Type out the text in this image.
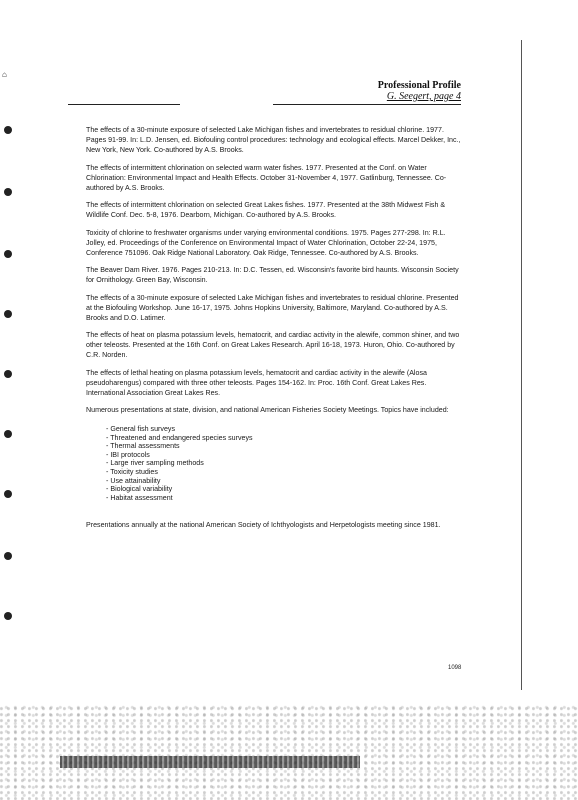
⌂
Professional Profile
G. Seegert, page 4

The effects of a 30-minute exposure of selected Lake Michigan fishes and invertebrates to residual chlorine. 1977. Pages 91-99. In: L.D. Jensen, ed. Biofouling control procedures: technology and ecological effects. Marcel Dekker, Inc., New York, New York. Co-authored by A.S. Brooks.

The effects of intermittent chlorination on selected warm water fishes. 1977. Presented at the Conf. on Water Chlorination: Environmental Impact and Health Effects. October 31-November 4, 1977. Gatlinburg, Tennessee. Co-authored by A.S. Brooks.

The effects of intermittent chlorination on selected Great Lakes fishes. 1977. Presented at the 38th Midwest Fish & Wildlife Conf. Dec. 5-8, 1976. Dearborn, Michigan. Co-authored by A.S. Brooks.

Toxicity of chlorine to freshwater organisms under varying environmental conditions. 1975. Pages 277-298. In: R.L. Jolley, ed. Proceedings of the Conference on Environmental Impact of Water Chlorination, October 22-24, 1975, Conference 751096. Oak Ridge National Laboratory. Oak Ridge, Tennessee. Co-authored by A.S. Brooks.

The Beaver Dam River. 1976. Pages 210-213. In: D.C. Tessen, ed. Wisconsin's favorite bird haunts. Wisconsin Society for Ornithology. Green Bay, Wisconsin.

The effects of a 30-minute exposure of selected Lake Michigan fishes and invertebrates to residual chlorine. Presented at the Biofouling Workshop. June 16-17, 1975. Johns Hopkins University, Baltimore, Maryland. Co-authored by A.S. Brooks and D.O. Latimer.

The effects of heat on plasma potassium levels, hematocrit, and cardiac activity in the alewife, common shiner, and two other teleosts. Presented at the 16th Conf. on Great Lakes Research. April 16-18, 1973. Huron, Ohio. Co-authored by C.R. Norden.

The effects of lethal heating on plasma potassium levels, hematocrit and cardiac activity in the alewife (Alosa pseudoharengus) compared with three other teleosts. Pages 154-162. In: Proc. 16th Conf. Great Lakes Res. International Association Great Lakes Res.

Numerous presentations at state, division, and national American Fisheries Society Meetings. Topics have included:

- General fish surveys
- Threatened and endangered species surveys
- Thermal assessments
- IBI protocols
- Large river sampling methods
- Toxicity studies
- Use attainability
- Biological variability
- Habitat assessment

Presentations annually at the national American Society of Ichthyologists and Herpetologists meeting since 1981.

1098
